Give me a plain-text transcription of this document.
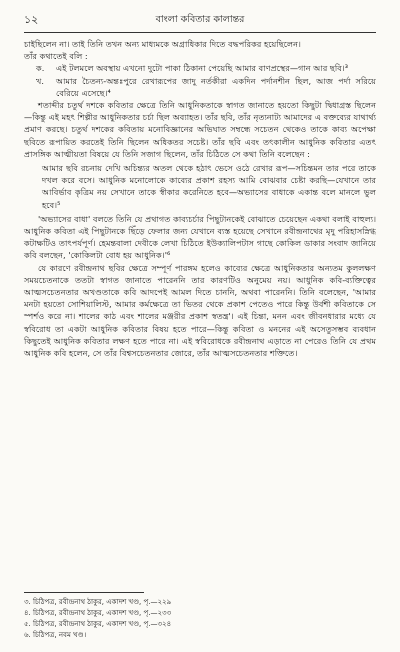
১২	বাংলা কবিতার কালান্তর

চাইছিলেন না। তাই তিনি তখন অন্য মাধ্যমকে অগ্রাধিকার দিতে বদ্ধপরিকর হয়েছিলেন।

তাঁর কথাতেই বলি :

ক.	এই টলমলে অবস্থায় এখনো দুটো পাকা ঠিকানা পেয়েছি আমার বাণপ্রস্থের—গান আর ছবি।³
খ.	আমার চৈতন্য-অন্তঃপুরে রেখারূপের জাদু নর্তকীরা একদিন পর্দানশীন ছিল, আজ পর্দা সরিয়ে বেরিয়ে এসেছে।⁴

শতাব্দীর চতুর্থ দশকে কবিতার ক্ষেত্রে তিনি আধুনিকতাকে স্বাগত জানাতে হয়তো কিছুটা দ্বিধাগ্রস্ত ছিলেন—কিন্তু এই মহৎ শিল্পীর আধুনিকতার চর্চা ছিল অব্যাহত। তাঁর ছবি, তাঁর নৃত্যনাট্য আমাদের এ বক্তব্যের যাথার্থ্য প্রমাণ করছে। চতুর্থ দশকের কবিতায় মনোবিজ্ঞানের অভিঘাত সম্বন্ধে সচেতন থেকেও তাকে কাব্য অপেক্ষা ছবিতে রূপায়িত করতেই তিনি ছিলেন অধিকতর সচেষ্ট। তাঁর ছবি এবং তৎকালীন আধুনিক কবিতার এতৎ প্রাসঙ্গিক আত্মীয়তা বিষয়ে যে তিনি সজাগ ছিলেন, তাঁর চিঠিতে সে কথা তিনি বলেছেন :

আমার ছবি রচনায় দেখি অচিন্ত্যর অতল থেকে হঠাৎ ভেসে ওঠে রেখার রূপ—সচিন্তমন তার পরে তাকে দখল করে বসে। আধুনিক মনোলোকে কাব্যের প্রকাশ রহস্য আমি বোঝবার চেষ্টা করছি—যেখানে তার আবির্ভাব কৃত্রিম নয় সেখানে তাকে স্বীকার করেনিতে হবে—অভ্যাসের বাধাকে একান্ত বলে মানলে ভুল হবে।⁵

'অভ্যাসের বাধা' বলতে তিনি যে প্রথাগত কাব্যচর্চার পিছুটানকেই বোঝাতে চেয়েছেন একথা বলাই বাহুল্য। আধুনিক কবিতা এই পিছুটানকে ছিঁড়ে ফেলার জন্য যেখানে ব্যস্ত হয়েছে সেখানে রবীন্দ্রনাথের মৃদু পরিহাসস্নিগ্ধ কটাক্ষটিও তাৎপর্যপূর্ণ। হেমন্তবালা দেবীকে লেখা চিঠিতে ইউক্যালিপটাস গাছে কোকিল ডাকার সংবাদ জানিয়ে কবি বলছেন, 'কোকিলটা বোধ হয় আধুনিক।'⁶

যে কারণে রবীন্দ্রনাথ ছবির ক্ষেত্রে সম্পূর্ণ পারঙ্গম হলেও কাব্যের ক্ষেত্রে আধুনিকতার অন্যতম কুললক্ষণ সময়চেতনাকে ততটা স্বাগত জানাতে পারেননি তার কারণটিও অনুমেয় নয়। আধুনিক কবি-ব্যক্তিত্বের আত্মসচেতনতার অখণ্ডতাকে কবি আদপেই আমল দিতে চাননি, অথবা পারেননি। তিনি বলেছেন, 'আমার মনটা হয়তো সোশিয়ালিস্ট, আমার কর্মক্ষেত্রে তা ভিতর থেকে প্রকাশ পেতেও পারে কিন্তু উর্বশী কবিতাকে সে স্পর্শও করে না। শালের কাঠ এবং শালের মঞ্জরীর প্রকাশ স্বতন্ত্র'। এই চিন্তা, মনন এবং জীবনধারার মধ্যে যে স্ববিরোধ তা একটা আধুনিক কবিতার বিষয় হতে পারে—কিন্তু কবিতা ও মননের এই অসেতুসম্ভব ব্যবধান কিছুতেই আধুনিক কবিতার লক্ষণ হতে পারে না। এই স্ববিরোধকে রবীন্দ্রনাথ এড়াতে না পেরেও তিনি যে প্রথম আধুনিক কবি হলেন, সে তাঁর বিশ্বসচেতনতার জোরে, তাঁর আত্মসচেতনতার শক্তিতে।

৩. চিঠিপত্র, রবীন্দ্রনাথ ঠাকুর, একাদশ খণ্ড, পৃ.—২২৯
৪. চিঠিপত্র, রবীন্দ্রনাথ ঠাকুর, একাদশ খণ্ড, পৃ.—২৩৩
৫. চিঠিপত্র, রবীন্দ্রনাথ ঠাকুর, একাদশ খণ্ড, পৃ.—৩২৪
৬. চিঠিপত্র, নবম খণ্ড।
